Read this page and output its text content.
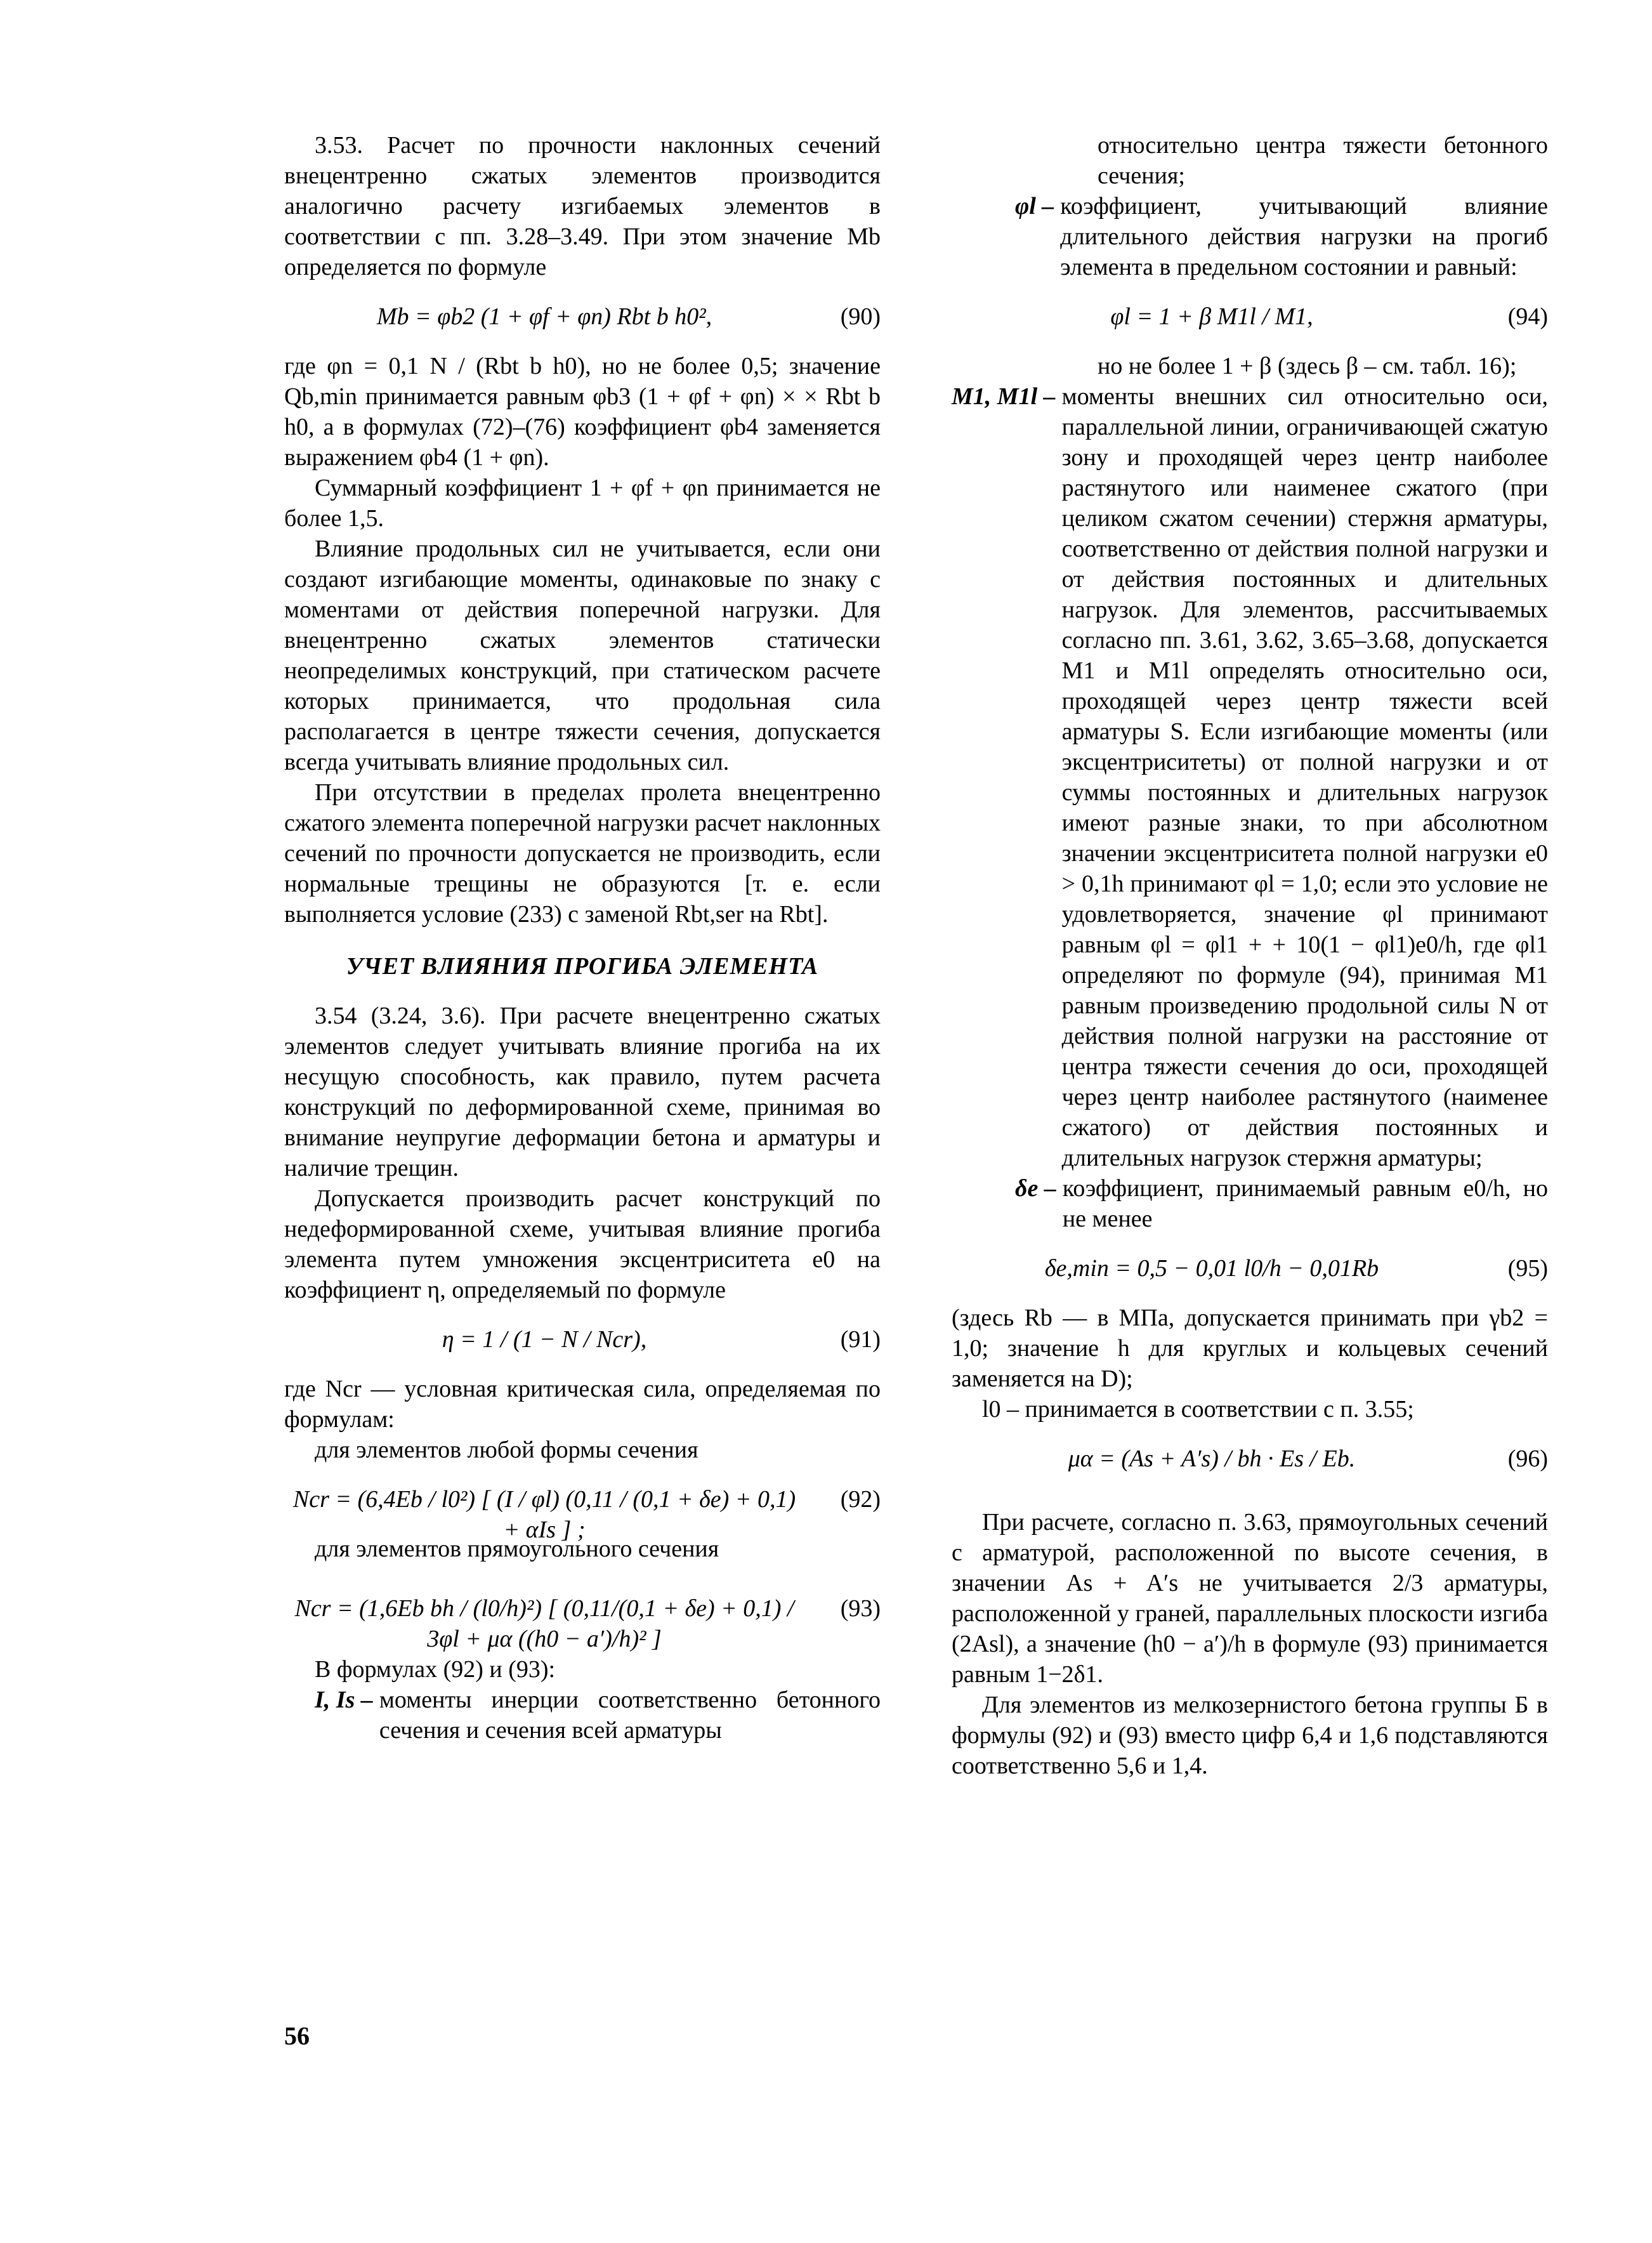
3.53. Расчет по прочности наклонных сечений внецентренно сжатых элементов производится аналогично расчету изгибаемых элементов в соответствии с пп. 3.28–3.49. При этом значение Mb определяется по формуле

Mb = φb2 (1 + φf + φn) Rbt b h0²,	(90)

где φn = 0,1 N / (Rbt b h0), но не более 0,5; значение Qb,min принимается равным φb3 (1 + φf + φn) × × Rbt b h0, а в формулах (72)–(76) коэффициент φb4 заменяется выражением φb4 (1 + φn).

Суммарный коэффициент 1 + φf + φn принимается не более 1,5.

Влияние продольных сил не учитывается, если они создают изгибающие моменты, одинаковые по знаку с моментами от действия поперечной нагрузки. Для внецентренно сжатых элементов статически неопределимых конструкций, при статическом расчете которых принимается, что продольная сила располагается в центре тяжести сечения, допускается всегда учитывать влияние продольных сил.

При отсутствии в пределах пролета внецентренно сжатого элемента поперечной нагрузки расчет наклонных сечений по прочности допускается не производить, если нормальные трещины не образуются [т. е. если выполняется условие (233) с заменой Rbt,ser на Rbt].

УЧЕТ ВЛИЯНИЯ ПРОГИБА ЭЛЕМЕНТА

3.54 (3.24, 3.6). При расчете внецентренно сжатых элементов следует учитывать влияние прогиба на их несущую способность, как правило, путем расчета конструкций по деформированной схеме, принимая во внимание неупругие деформации бетона и арматуры и наличие трещин.

Допускается производить расчет конструкций по недеформированной схеме, учитывая влияние прогиба элемента путем умножения эксцентриситета e0 на коэффициент η, определяемый по формуле

η = 1 / (1 − N / Ncr),	(91)

где Ncr — условная критическая сила, определяемая по формулам:

для элементов любой формы сечения

Ncr = (6,4Eb / l0²) [ (I / φl) (0,11 / (0,1 + δe) + 0,1) + αIs ] ;
(92)

для элементов прямоугольного сечения

Ncr = (1,6Eb bh / (l0/h)²) [ (0,11/(0,1 + δe) + 0,1) / 3φl + μα ((h0 − a′)/h)² ]
(93)

В формулах (92) и (93):

I, Is – моменты инерции соответственно бетонного сечения и сечения всей арматуры

относительно центра тяжести бетонного сечения;

φl – коэффициент, учитывающий влияние длительного действия нагрузки на прогиб элемента в предельном состоянии и равный:
φl = 1 + β M1l / M1,	(94)

но не более 1 + β (здесь β – см. табл. 16);

M1, M1l – моменты внешних сил относительно оси, параллельной линии, ограничивающей сжатую зону и проходящей через центр наиболее растянутого или наименее сжатого (при целиком сжатом сечении) стержня арматуры, соответственно от действия полной нагрузки и от действия постоянных и длительных нагрузок. Для элементов, рассчитываемых согласно пп. 3.61, 3.62, 3.65–3.68, допускается M1 и M1l определять относительно оси, проходящей через центр тяжести всей арматуры S. Если изгибающие моменты (или эксцентриситеты) от полной нагрузки и от суммы постоянных и длительных нагрузок имеют разные знаки, то при абсолютном значении эксцентриситета полной нагрузки e0 > 0,1h принимают φl = 1,0; если это условие не удовлетворяется, значение φl принимают равным φl = φl1 + + 10(1 − φl1)e0/h, где φl1 определяют по формуле (94), принимая M1 равным произведению продольной силы N от действия полной нагрузки на расстояние от центра тяжести сечения до оси, проходящей через центр наиболее растянутого (наименее сжатого) от действия постоянных и длительных нагрузок стержня арматуры;
δe – коэффициент, принимаемый равным e0/h, но не менее
δe,min = 0,5 − 0,01 l0/h − 0,01Rb	(95)

(здесь Rb — в МПа, допускается принимать при γb2 = 1,0; значение h для круглых и кольцевых сечений заменяется на D);

l0 – принимается в соответствии с п. 3.55;

μα = (As + A′s) / bh · Es / Eb.	(96)

При расчете, согласно п. 3.63, прямоугольных сечений с арматурой, расположенной по высоте сечения, в значении As + A′s не учитывается 2/3 арматуры, расположенной у граней, параллельных плоскости изгиба (2Asl), а значение (h0 − a′)/h в формуле (93) принимается равным 1−2δ1.

Для элементов из мелкозернистого бетона группы Б в формулы (92) и (93) вместо цифр 6,4 и 1,6 подставляются соответственно 5,6 и 1,4.

56
